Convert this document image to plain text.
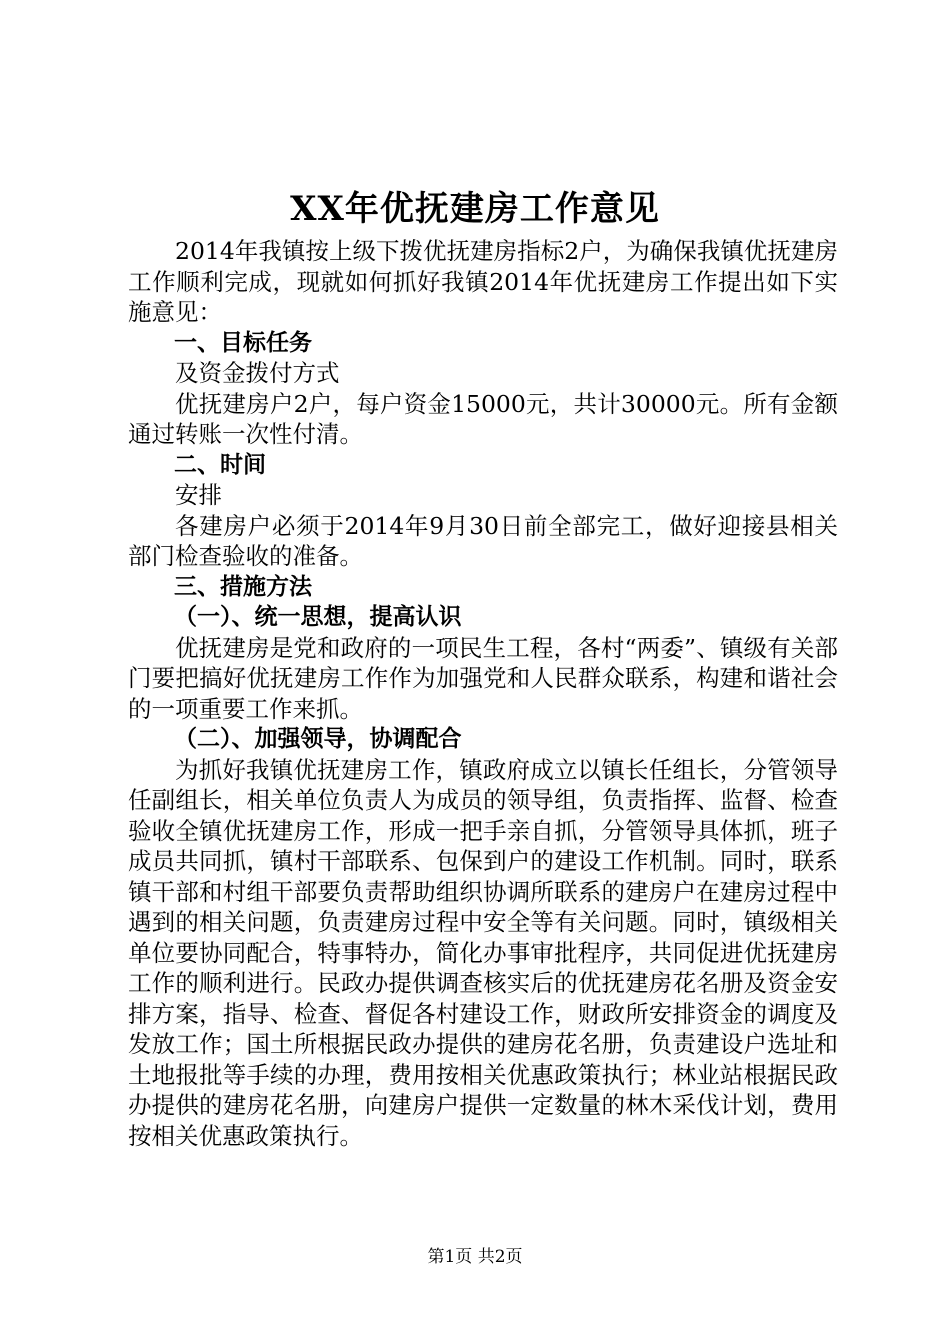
XX年优抚建房工作意见

2014年我镇按上级下拨优抚建房指标2户，为确保我镇优抚建房工作顺利完成，现就如何抓好我镇2014年优抚建房工作提出如下实施意见：

一、目标任务

及资金拨付方式

优抚建房户2户，每户资金15000元，共计30000元。所有金额通过转账一次性付清。

二、时间

安排

各建房户必须于2014年9月30日前全部完工，做好迎接县相关部门检查验收的准备。

三、措施方法

（一）、统一思想，提高认识

优抚建房是党和政府的一项民生工程，各村“两委”、镇级有关部门要把搞好优抚建房工作作为加强党和人民群众联系，构建和谐社会的一项重要工作来抓。

（二）、加强领导，协调配合

为抓好我镇优抚建房工作，镇政府成立以镇长任组长，分管领导任副组长，相关单位负责人为成员的领导组，负责指挥、监督、检查验收全镇优抚建房工作，形成一把手亲自抓，分管领导具体抓，班子成员共同抓，镇村干部联系、包保到户的建设工作机制。同时，联系镇干部和村组干部要负责帮助组织协调所联系的建房户在建房过程中遇到的相关问题，负责建房过程中安全等有关问题。同时，镇级相关单位要协同配合，特事特办，简化办事审批程序，共同促进优抚建房工作的顺利进行。民政办提供调查核实后的优抚建房花名册及资金安排方案，指导、检查、督促各村建设工作，财政所安排资金的调度及发放工作；国土所根据民政办提供的建房花名册，负责建设户选址和土地报批等手续的办理，费用按相关优惠政策执行；林业站根据民政办提供的建房花名册，向建房户提供一定数量的林木采伐计划，费用按相关优惠政策执行。

第1页 共2页
